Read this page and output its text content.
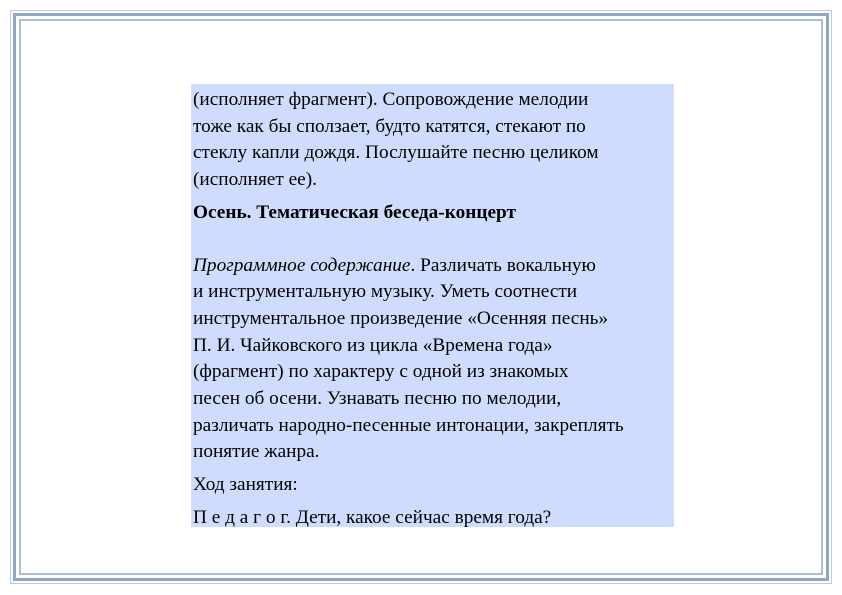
(исполняет фрагмент). Сопровождение мелодии
тоже как бы сползает, будто катятся, стекают по
стеклу капли дождя. Послушайте песню целиком
(исполняет ее).

Осень. Тематическая беседа-концерт

Программное содержание. Различать вокальную
и инструментальную музыку. Уметь соотнести
инструментальное произведение «Осенняя песнь»
П. И. Чайковского из цикла «Времена года»
(фрагмент) по характеру с одной из знакомых
песен об осени. Узнавать песню по мелодии,
различать народно-песенные интонации, закреплять
понятие жанра.

Ход занятия:

П е д а г о г. Дети, какое сейчас время года?
